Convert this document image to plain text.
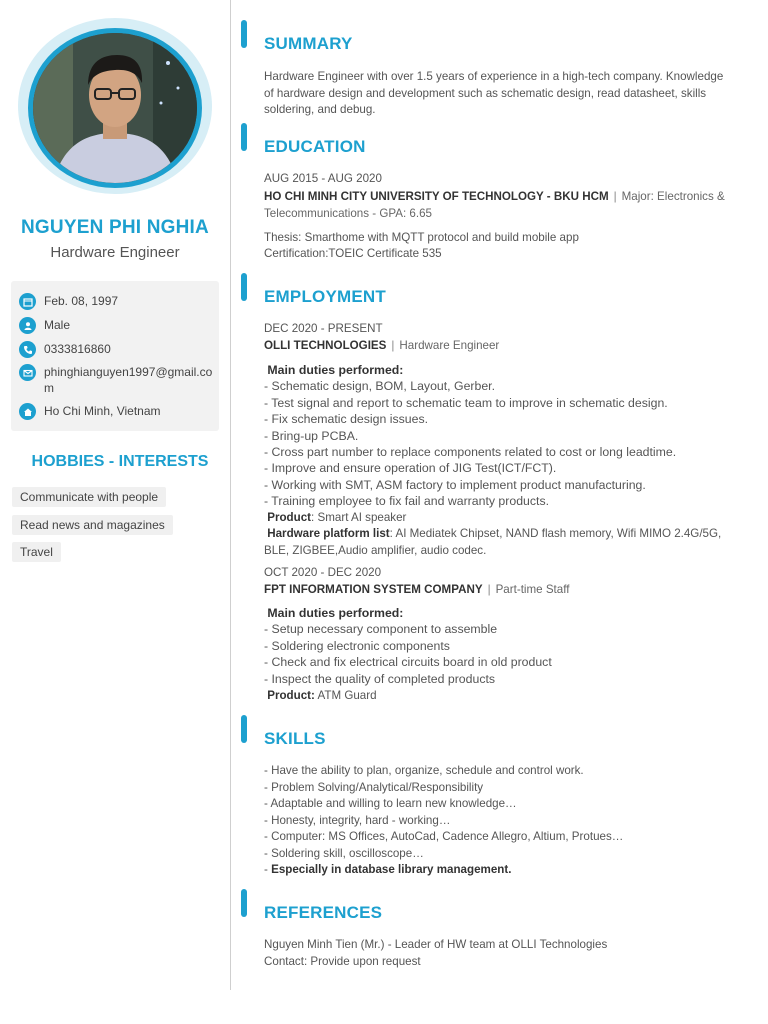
NGUYEN PHI NGHIA
Hardware Engineer
Feb. 08, 1997
Male
0333816860
phinghianguyen1997@gmail.com
Ho Chi Minh, Vietnam
HOBBIES - INTERESTS
Communicate with people
Read news and magazines
Travel
SUMMARY
Hardware Engineer with over 1.5 years of experience in a high-tech company. Knowledge of hardware design and development such as schematic design, read datasheet, skills soldering, and debug.
EDUCATION
AUG 2015 - AUG 2020
HO CHI MINH CITY UNIVERSITY OF TECHNOLOGY - BKU HCM | Major: Electronics & Telecommunications - GPA: 6.65
Thesis: Smarthome with MQTT protocol and build mobile app
Certification:TOEIC Certificate 535
EMPLOYMENT
DEC 2020 - PRESENT
OLLI TECHNOLOGIES | Hardware Engineer
Main duties performed:
- Schematic design, BOM, Layout, Gerber.
- Test signal and report to schematic team to improve in schematic design.
- Fix schematic design issues.
- Bring-up PCBA.
- Cross part number to replace components related to cost or long leadtime.
- Improve and ensure operation of JIG Test(ICT/FCT).
- Working with SMT, ASM factory to implement product manufacturing.
- Training employee to fix fail and warranty products.
Product: Smart AI speaker
Hardware platform list: AI Mediatek Chipset, NAND flash memory, Wifi MIMO 2.4G/5G, BLE, ZIGBEE,Audio amplifier, audio codec.
OCT 2020 - DEC 2020
FPT INFORMATION SYSTEM COMPANY | Part-time Staff
Main duties performed:
- Setup necessary component to assemble
- Soldering electronic components
- Check and fix electrical circuits board in old product
- Inspect the quality of completed products
Product: ATM Guard
SKILLS
- Have the ability to plan, organize, schedule and control work.
- Problem Solving/Analytical/Responsibility
- Adaptable and willing to learn new knowledge…
- Honesty, integrity, hard - working…
- Computer: MS Offices, AutoCad, Cadence Allegro, Altium, Protues…
- Soldering skill, oscilloscope…
- Especially in database library management.
REFERENCES
Nguyen Minh Tien (Mr.) - Leader of HW team at OLLI Technologies
Contact: Provide upon request
